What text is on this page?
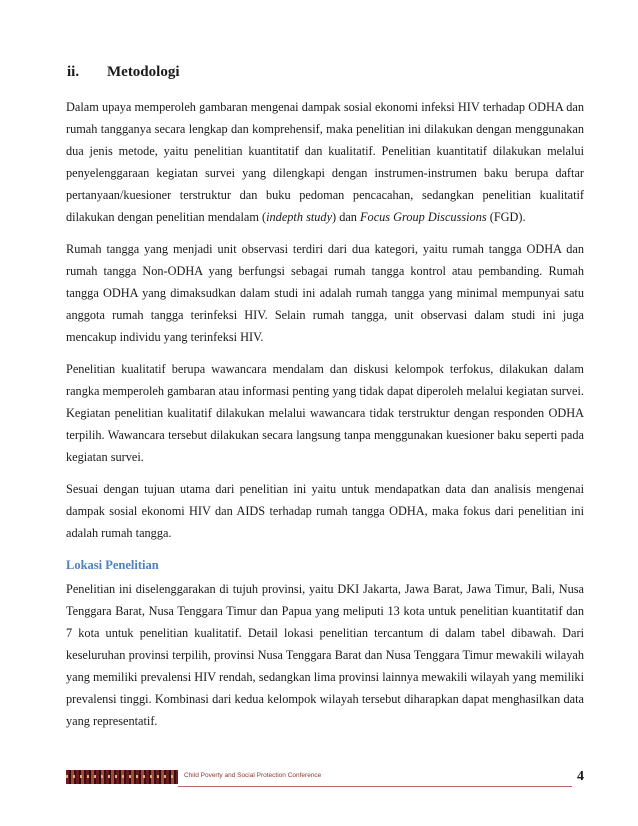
ii. Metodologi

Dalam upaya memperoleh gambaran mengenai dampak sosial ekonomi infeksi HIV terhadap ODHA dan rumah tangganya secara lengkap dan komprehensif, maka penelitian ini dilakukan dengan menggunakan dua jenis metode, yaitu penelitian kuantitatif dan kualitatif. Penelitian kuantitatif dilakukan melalui penyelenggaraan kegiatan survei yang dilengkapi dengan instrumen-instrumen baku berupa daftar pertanyaan/kuesioner terstruktur dan buku pedoman pencacahan, sedangkan penelitian kualitatif dilakukan dengan penelitian mendalam (indepth study) dan Focus Group Discussions (FGD).

Rumah tangga yang menjadi unit observasi terdiri dari dua kategori, yaitu rumah tangga ODHA dan rumah tangga Non-ODHA yang berfungsi sebagai rumah tangga kontrol atau pembanding. Rumah tangga ODHA yang dimaksudkan dalam studi ini adalah rumah tangga yang minimal mempunyai satu anggota rumah tangga terinfeksi HIV. Selain rumah tangga, unit observasi dalam studi ini juga mencakup individu yang terinfeksi HIV.

Penelitian kualitatif berupa wawancara mendalam dan diskusi kelompok terfokus, dilakukan dalam rangka memperoleh gambaran atau informasi penting yang tidak dapat diperoleh melalui kegiatan survei. Kegiatan penelitian kualitatif dilakukan melalui wawancara tidak terstruktur dengan responden ODHA terpilih. Wawancara tersebut dilakukan secara langsung tanpa menggunakan kuesioner baku seperti pada kegiatan survei.

Sesuai dengan tujuan utama dari penelitian ini yaitu untuk mendapatkan data dan analisis mengenai dampak sosial ekonomi HIV dan AIDS terhadap rumah tangga ODHA, maka fokus dari penelitian ini adalah rumah tangga.

Lokasi Penelitian

Penelitian ini diselenggarakan di tujuh provinsi, yaitu DKI Jakarta, Jawa Barat, Jawa Timur, Bali, Nusa Tenggara Barat, Nusa Tenggara Timur dan Papua yang meliputi 13 kota untuk penelitian kuantitatif dan 7 kota untuk penelitian kualitatif. Detail lokasi penelitian tercantum di dalam tabel dibawah. Dari keseluruhan provinsi terpilih, provinsi Nusa Tenggara Barat dan Nusa Tenggara Timur mewakili wilayah yang memiliki prevalensi HIV rendah, sedangkan lima provinsi lainnya mewakili wilayah yang memiliki prevalensi tinggi. Kombinasi dari kedua kelompok wilayah tersebut diharapkan dapat menghasilkan data yang representatif.

Child Poverty and Social Protection Conference	4
